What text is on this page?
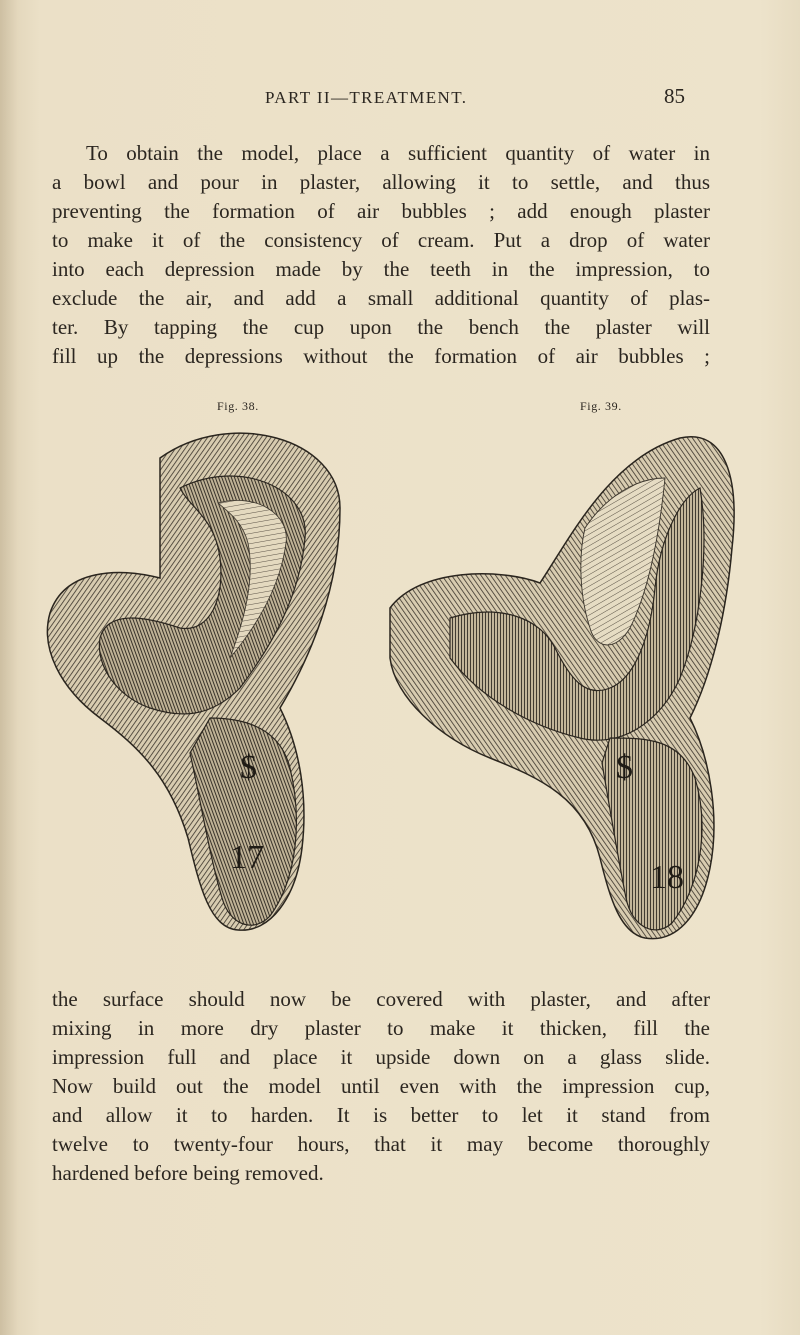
PART II—TREATMENT.	85

To obtain the model, place a sufficient quantity of water in
a bowl and pour in plaster, allowing it to settle, and thus
preventing the formation of air bubbles ; add enough plaster
to make it of the consistency of cream. Put a drop of water
into each depression made by the teeth in the impression, to
exclude the air, and add a small additional quantity of plas-
ter. By tapping the cup upon the bench the plaster will
fill up the depressions without the formation of air bubbles ;

Fig. 38.	Fig. 39.
$
17
$
18

the surface should now be covered with plaster, and after
mixing in more dry plaster to make it thicken, fill the
impression full and place it upside down on a glass slide.
Now build out the model until even with the impression cup,
and allow it to harden. It is better to let it stand from
twelve to twenty-four hours, that it may become thoroughly
hardened before being removed.
